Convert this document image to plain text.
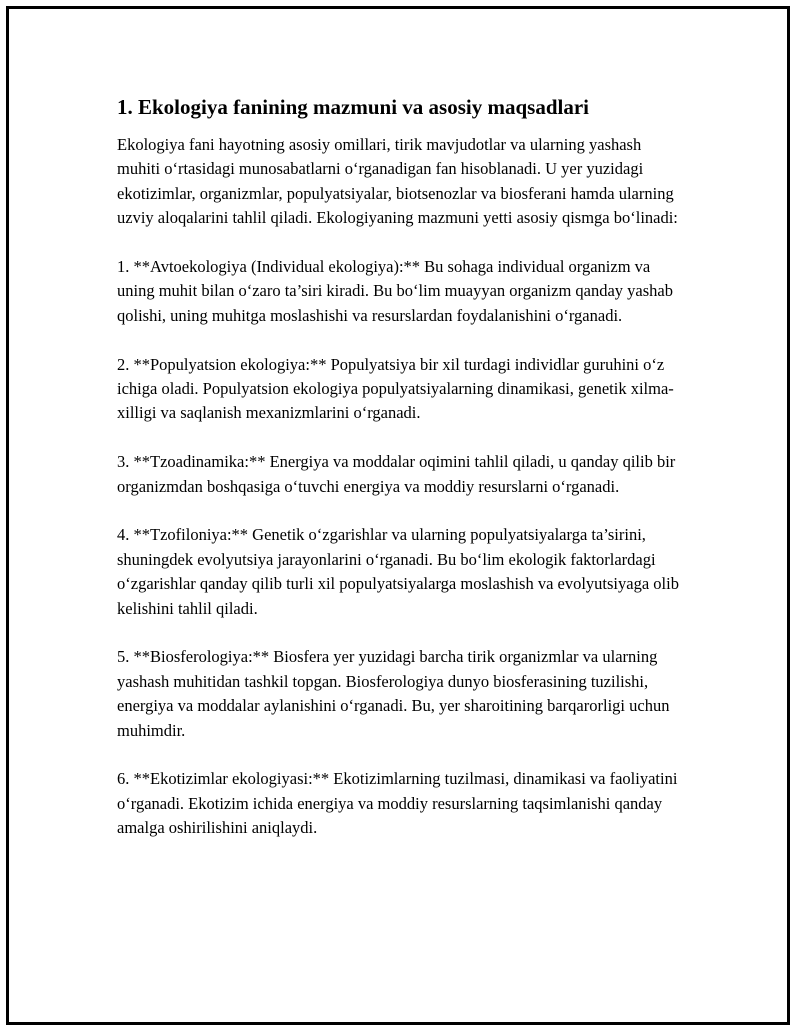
1. Ekologiya fanining mazmuni va asosiy maqsadlari

Ekologiya fani hayotning asosiy omillari, tirik mavjudotlar va ularning yashash muhiti o‘rtasidagi munosabatlarni o‘rganadigan fan hisoblanadi. U yer yuzidagi ekotizimlar, organizmlar, populyatsiyalar, biotsenozlar va biosferani hamda ularning uzviy aloqalarini tahlil qiladi. Ekologiyaning mazmuni yetti asosiy qismga bo‘linadi:

1. **Avtoekologiya (Individual ekologiya):** Bu sohaga individual organizm va uning muhit bilan o‘zaro ta’siri kiradi. Bu bo‘lim muayyan organizm qanday yashab qolishi, uning muhitga moslashishi va resurslardan foydalanishini o‘rganadi.

2. **Populyatsion ekologiya:** Populyatsiya bir xil turdagi individlar guruhini o‘z ichiga oladi. Populyatsion ekologiya populyatsiyalarning dinamikasi, genetik xilma-xilligi va saqlanish mexanizmlarini o‘rganadi.

3. **Tzoadinamika:** Energiya va moddalar oqimini tahlil qiladi, u qanday qilib bir organizmdan boshqasiga o‘tuvchi energiya va moddiy resurslarni o‘rganadi.

4. **Tzofiloniya:** Genetik o‘zgarishlar va ularning populyatsiyalarga ta’sirini, shuningdek evolyutsiya jarayonlarini o‘rganadi. Bu bo‘lim ekologik faktorlardagi o‘zgarishlar qanday qilib turli xil populyatsiyalarga moslashish va evolyutsiyaga olib kelishini tahlil qiladi.

5. **Biosferologiya:** Biosfera yer yuzidagi barcha tirik organizmlar va ularning yashash muhitidan tashkil topgan. Biosferologiya dunyo biosferasining tuzilishi, energiya va moddalar aylanishini o‘rganadi. Bu, yer sharoitining barqarorligi uchun muhimdir.

6. **Ekotizimlar ekologiyasi:** Ekotizimlarning tuzilmasi, dinamikasi va faoliyatini o‘rganadi. Ekotizim ichida energiya va moddiy resurslarning taqsimlanishi qanday amalga oshirilishini aniqlaydi.
